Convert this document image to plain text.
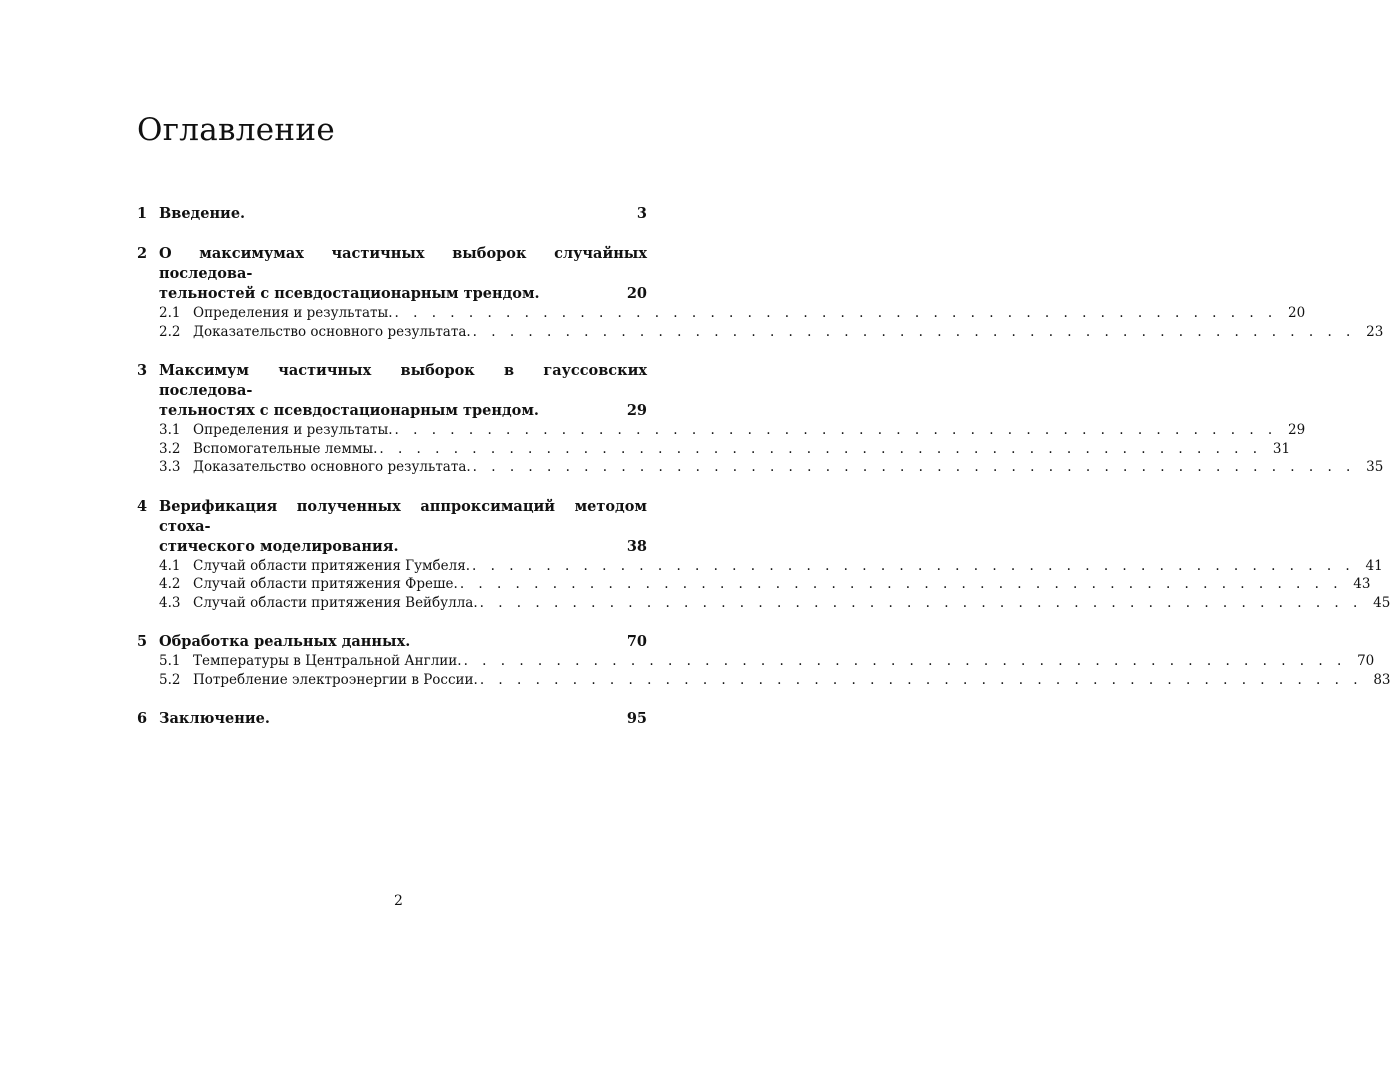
Оглавление
1 Введение.	3
2 О максимумах частичных выборок случайных последова-
тельностей с псевдостационарным трендом.	20
2.1 Определения и результаты. . . . . . . . . . . . . . . . . . . . . . . . . . . . . . . . . . . . . . . . . . . . . . . . . 20
2.2 Доказательство основного результата. . . . . . . . . . . . . . . . . . . . . . . . . . . . . . . . . . . . . . . . . . . . . . . . . 23
3 Максимум частичных выборок в гауссовских последова-
тельностях с псевдостационарным трендом.	29
3.1 Определения и результаты. . . . . . . . . . . . . . . . . . . . . . . . . . . . . . . . . . . . . . . . . . . . . . . . . 29
3.2 Вспомогательные леммы. . . . . . . . . . . . . . . . . . . . . . . . . . . . . . . . . . . . . . . . . . . . . . . . . 31
3.3 Доказательство основного результата. . . . . . . . . . . . . . . . . . . . . . . . . . . . . . . . . . . . . . . . . . . . . . . . . 35
4 Верификация полученных аппроксимаций методом стоха-
стического моделирования.	38
4.1 Случай области притяжения Гумбеля. . . . . . . . . . . . . . . . . . . . . . . . . . . . . . . . . . . . . . . . . . . . . . . . . 41
4.2 Случай области притяжения Фреше. . . . . . . . . . . . . . . . . . . . . . . . . . . . . . . . . . . . . . . . . . . . . . . . . 43
4.3 Случай области притяжения Вейбулла. . . . . . . . . . . . . . . . . . . . . . . . . . . . . . . . . . . . . . . . . . . . . . . . . 45
5 Обработка реальных данных.	70
5.1 Температуры в Центральной Англии. . . . . . . . . . . . . . . . . . . . . . . . . . . . . . . . . . . . . . . . . . . . . . . . . 70
5.2 Потребление электроэнергии в России. . . . . . . . . . . . . . . . . . . . . . . . . . . . . . . . . . . . . . . . . . . . . . . . . 83
6 Заключение.	95
2
